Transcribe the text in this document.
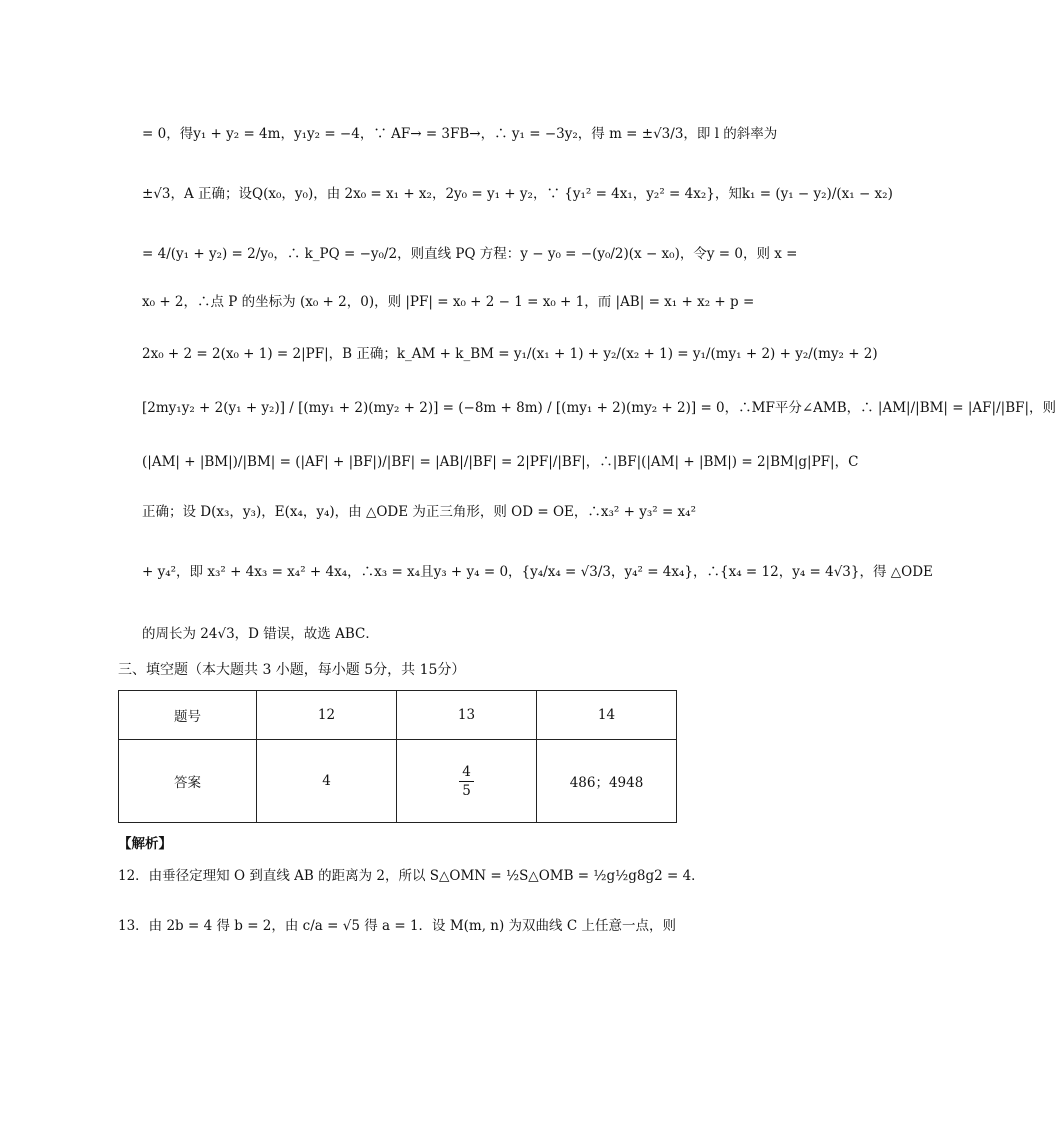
= 0，得y₁ + y₂ = 4m，y₁y₂ = −4，∵ AF→ = 3FB→，∴ y₁ = −3y₂，得 m = ±√3/3，即 l 的斜率为
±√3，A 正确；设Q(x₀，y₀)，由 2x₀ = x₁ + x₂，2y₀ = y₁ + y₂，∵ {y₁² = 4x₁，y₂² = 4x₂}，知k₁ = (y₁ − y₂)/(x₁ − x₂)
= 4/(y₁ + y₂) = 2/y₀，∴ k_PQ = −y₀/2，则直线 PQ 方程：y − y₀ = −(y₀/2)(x − x₀)，令y = 0，则 x =
x₀ + 2，∴点 P 的坐标为 (x₀ + 2，0)，则 |PF| = x₀ + 2 − 1 = x₀ + 1，而 |AB| = x₁ + x₂ + p =
2x₀ + 2 = 2(x₀ + 1) = 2|PF|，B 正确；k_AM + k_BM = y₁/(x₁ + 1) + y₂/(x₂ + 1) = y₁/(my₁ + 2) + y₂/(my₂ + 2)
[2my₁y₂ + 2(y₁ + y₂)] / [(my₁ + 2)(my₂ + 2)] = (−8m + 8m) / [(my₁ + 2)(my₂ + 2)] = 0，∴MF平分∠AMB，∴ |AM|/|BM| = |AF|/|BF|，则
(|AM| + |BM|)/|BM| = (|AF| + |BF|)/|BF| = |AB|/|BF| = 2|PF|/|BF|，∴|BF|(|AM| + |BM|) = 2|BM|g|PF|，C
正确；设 D(x₃，y₃)，E(x₄，y₄)，由 △ODE 为正三角形，则 OD = OE，∴x₃² + y₃² = x₄²
+ y₄²，即 x₃² + 4x₃ = x₄² + 4x₄，∴x₃ = x₄且y₃ + y₄ = 0，{y₄/x₄ = √3/3，y₄² = 4x₄}，∴{x₄ = 12，y₄ = 4√3}，得 △ODE
的周长为 24√3，D 错误，故选 ABC．
三、填空题（本大题共 3 小题，每小题 5分，共 15分）
题号	12	13	14
答案	4	$\frac{4}{5}$	486；4948
【解析】
12．由垂径定理知 O 到直线 AB 的距离为 2，所以 S△OMN = ½S△OMB = ½g½g8g2 = 4．
13．由 2b = 4 得 b = 2，由 c/a = √5 得 a = 1．设 M(m, n) 为双曲线 C 上任意一点，则
